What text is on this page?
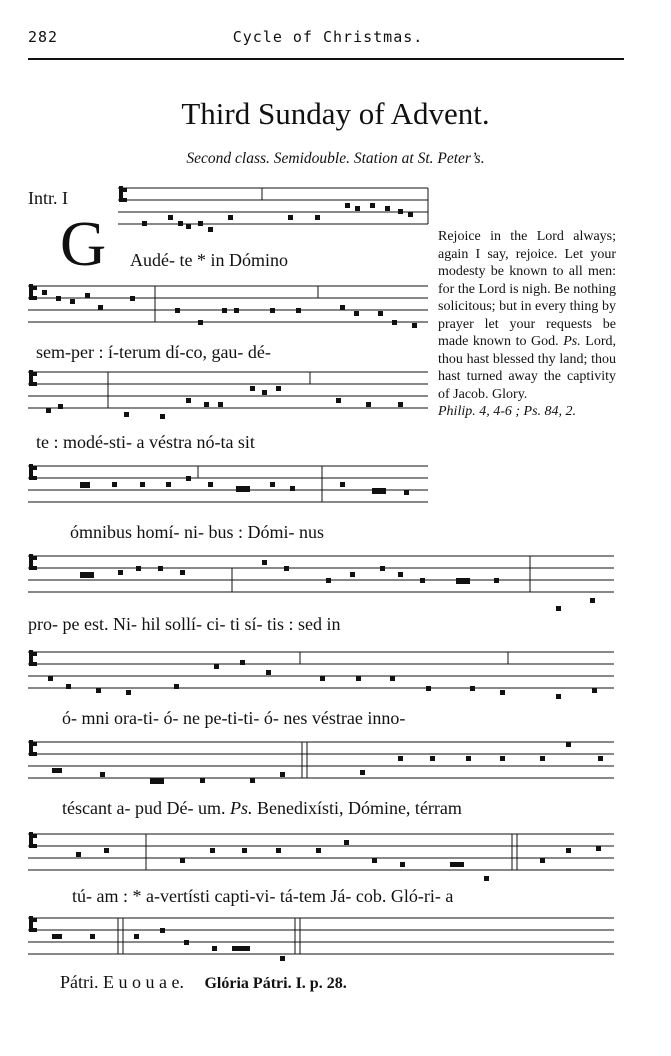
282	Cycle of Christmas.
Third Sunday of Advent.
Second class. Semidouble. Station at St. Peter’s.
Intr. I
G Audé- te * in Dómino
sem-per : í-terum dí-co, gau- dé-
te : modé-sti- a véstra nó-ta sit
ómnibus homí- ni- bus : Dómi- nus
pro- pe est. Ni- hil sollí- ci- ti sí- tis : sed in
ó- mni ora-ti- ó- ne pe-ti-ti- ó- nes véstrae inno-
téscant a- pud Dé- um. Ps. Benedixísti, Dómine, térram
tú- am : * a-vertísti capti-vi- tá-tem Já- cob. Gló-ri- a
Pátri. E u o u a e. Glória Pátri. I. p. 28.
Rejoice in the Lord always; again I say, rejoice. Let your modesty be known to all men: for the Lord is nigh. Be nothing solicitous; but in every thing by prayer let your requests be made known to God. Ps. Lord, thou hast blessed thy land; thou hast turned away the captivity of Jacob. Glory.
Philip. 4, 4-6 ; Ps. 84, 2.
